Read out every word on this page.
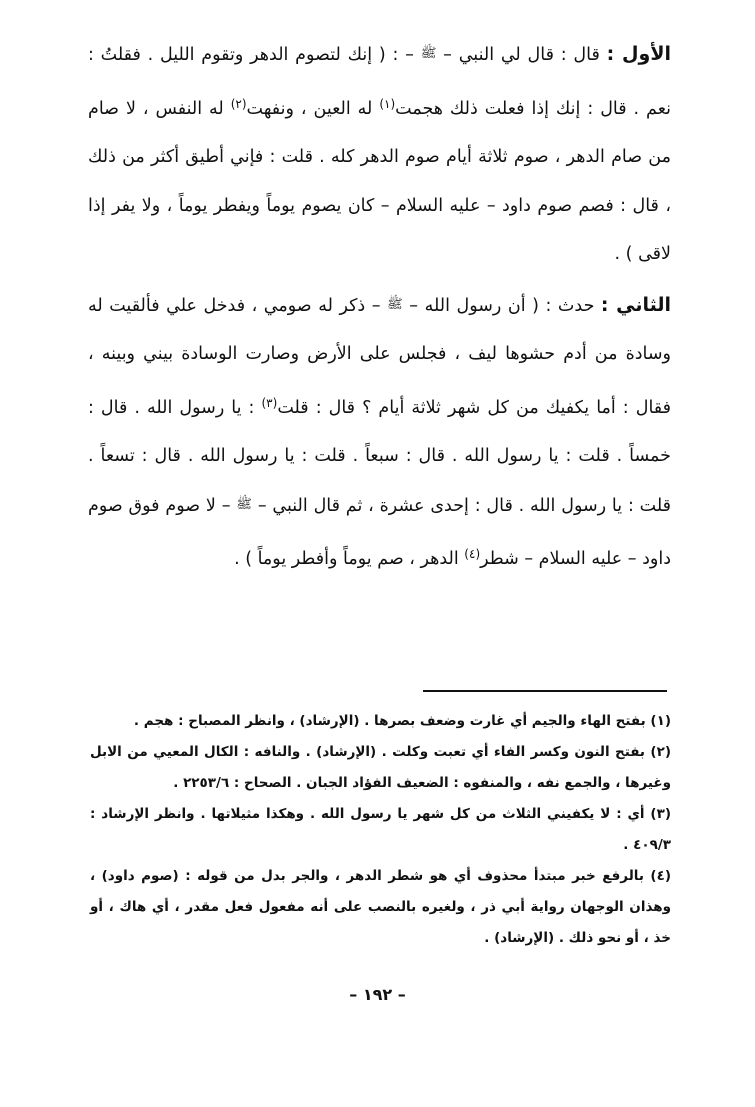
الأول : قال : قال لي النبي – ﷺ – : ( إنك لتصوم الدهر وتقوم الليل . فقلتُ : نعم . قال : إنك إذا فعلت ذلك هجمت$^{(١)}$ له العين ، ونفهت$^{(٢)}$ له النفس ، لا صام من صام الدهر ، صوم ثلاثة أيام صوم الدهر كله . قلت : فإني أطيق أكثر من ذلك ، قال : فصم صوم داود – عليه السلام – كان يصوم يوماً ويفطر يوماً ، ولا يفر إذا لاقى ) .

الثاني : حدث : ( أن رسول الله – ﷺ – ذكر له صومي ، فدخل علي فألقيت له وسادة من أدم حشوها ليف ، فجلس على الأرض وصارت الوسادة بيني وبينه ، فقال : أما يكفيك من كل شهر ثلاثة أيام ؟ قال : قلت$^{(٣)}$ : يا رسول الله . قال : خمساً . قلت : يا رسول الله . قال : سبعاً . قلت : يا رسول الله . قال : تسعاً . قلت : يا رسول الله . قال : إحدى عشرة ، ثم قال النبي – ﷺ – لا صوم فوق صوم داود – عليه السلام – شطر$^{(٤)}$ الدهر ، صم يوماً وأفطر يوماً ) .

(١) بفتح الهاء والجيم أي غارت وضعف بصرها . (الإرشاد) ، وانظر المصباح : هجم .

(٢) بفتح النون وكسر الفاء أي تعبت وكلت . (الإرشاد) . والنافه : الكال المعيي من الابل وغيرها ، والجمع نفه ، والمنفوه : الضعيف الفؤاد الجبان . الصحاح : ٢٢٥٣/٦ .

(٣) أي : لا يكفيني الثلاث من كل شهر يا رسول الله . وهكذا مثيلاتها . وانظر الإرشاد : ٤٠٩/٣ .

(٤) بالرفع خبر مبتدأ محذوف أي هو شطر الدهر ، والجر بدل من قوله : (صوم داود) ، وهذان الوجهان رواية أبي ذر ، ولغيره بالنصب على أنه مفعول فعل مقدر ، أي هاك ، أو خذ ، أو نحو ذلك . (الإرشاد) .

– ١٩٢ –
